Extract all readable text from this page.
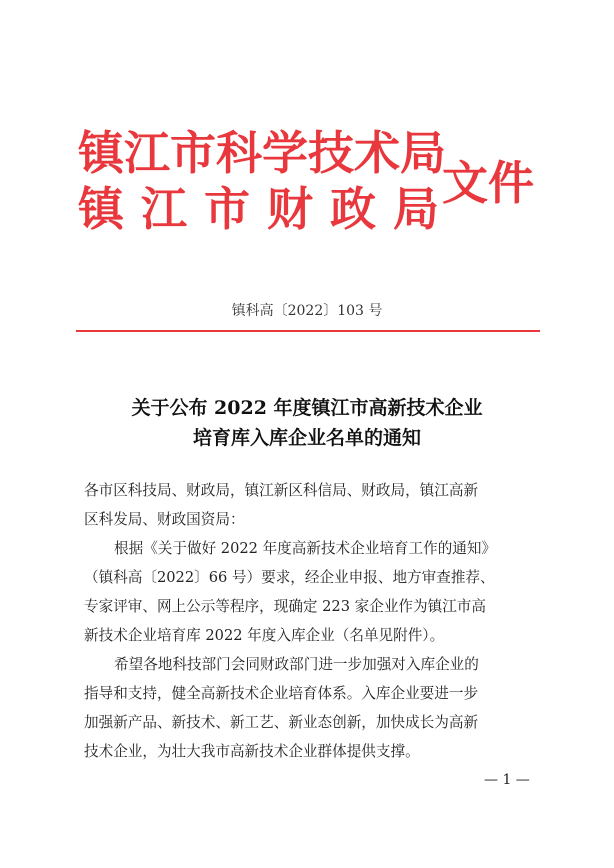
镇江市科学技术局
镇江市财政局
文件
镇科高〔2022〕103 号
关于公布 2022 年度镇江市高新技术企业
培育库入库企业名单的通知
各市区科技局、财政局，镇江新区科信局、财政局，镇江高新
区科发局、财政国资局：
根据《关于做好 2022 年度高新技术企业培育工作的通知》
（镇科高〔2022〕66 号）要求，经企业申报、地方审查推荐、
专家评审、网上公示等程序，现确定 223 家企业作为镇江市高
新技术企业培育库 2022 年度入库企业（名单见附件）。
希望各地科技部门会同财政部门进一步加强对入库企业的
指导和支持，健全高新技术企业培育体系。入库企业要进一步
加强新产品、新技术、新工艺、新业态创新，加快成长为高新
技术企业，为壮大我市高新技术企业群体提供支撑。
— 1 —
